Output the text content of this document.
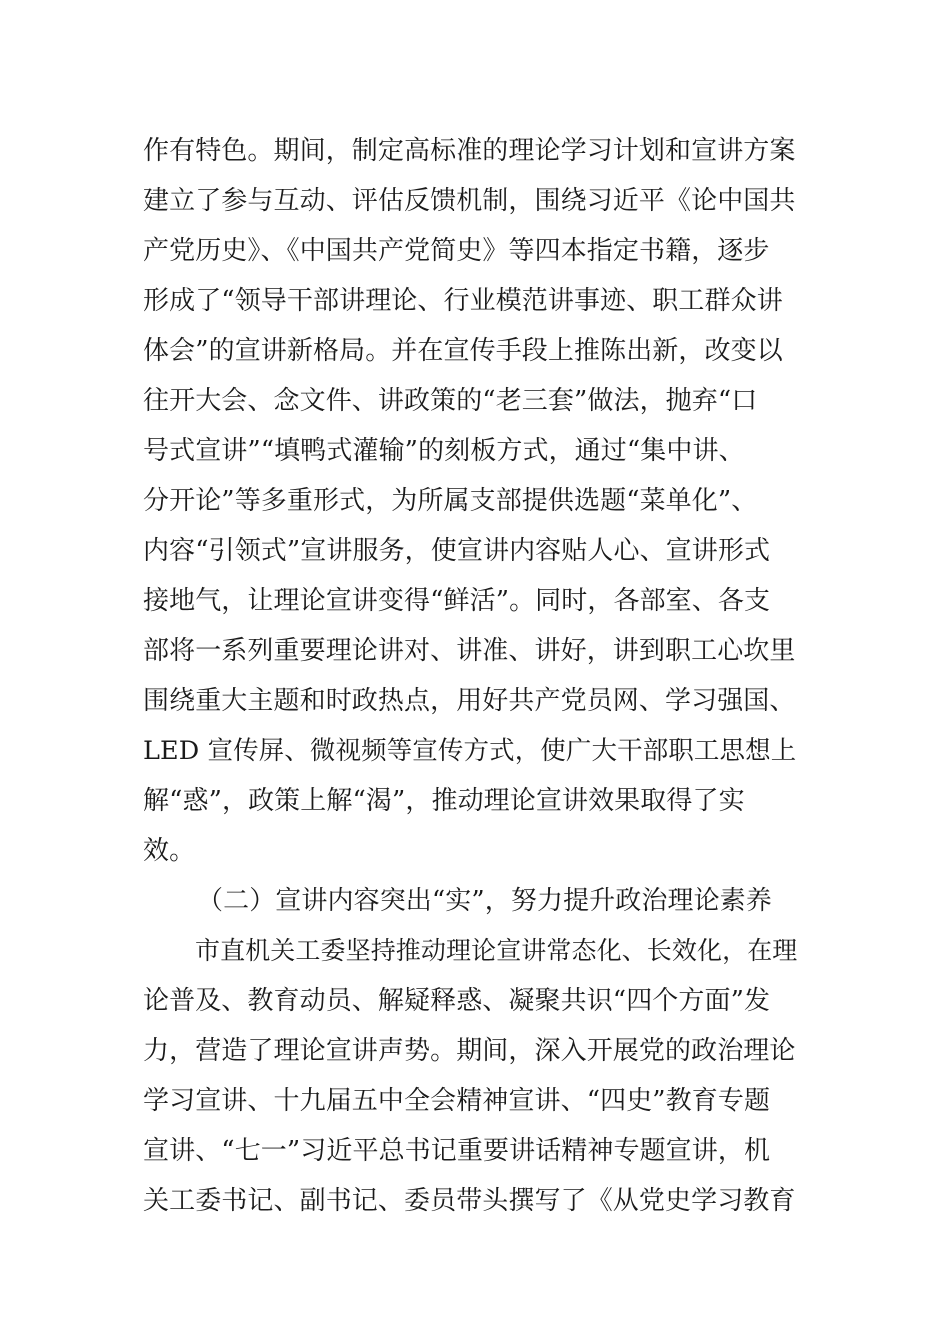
作有特色。期间，制定高标准的理论学习计划和宣讲方案
建立了参与互动、评估反馈机制，围绕习近平《论中国共
产党历史》、《中国共产党简史》等四本指定书籍，逐步
形成了“领导干部讲理论、行业模范讲事迹、职工群众讲
体会”的宣讲新格局。并在宣传手段上推陈出新，改变以
往开大会、念文件、讲政策的“老三套”做法，抛弃“口
号式宣讲”“填鸭式灌输”的刻板方式，通过“集中讲、
分开论”等多重形式，为所属支部提供选题“菜单化”、
内容“引领式”宣讲服务，使宣讲内容贴人心、宣讲形式
接地气，让理论宣讲变得“鲜活”。同时，各部室、各支
部将一系列重要理论讲对、讲准、讲好，讲到职工心坎里
围绕重大主题和时政热点，用好共产党员网、学习强国、
LED 宣传屏、微视频等宣传方式，使广大干部职工思想上
解“惑”，政策上解“渴”，推动理论宣讲效果取得了实
效。
（二）宣讲内容突出“实”，努力提升政治理论素养
市直机关工委坚持推动理论宣讲常态化、长效化，在理
论普及、教育动员、解疑释惑、凝聚共识“四个方面”发
力，营造了理论宣讲声势。期间，深入开展党的政治理论
学习宣讲、十九届五中全会精神宣讲、“四史”教育专题
宣讲、“七一”习近平总书记重要讲话精神专题宣讲，机
关工委书记、副书记、委员带头撰写了《从党史学习教育
